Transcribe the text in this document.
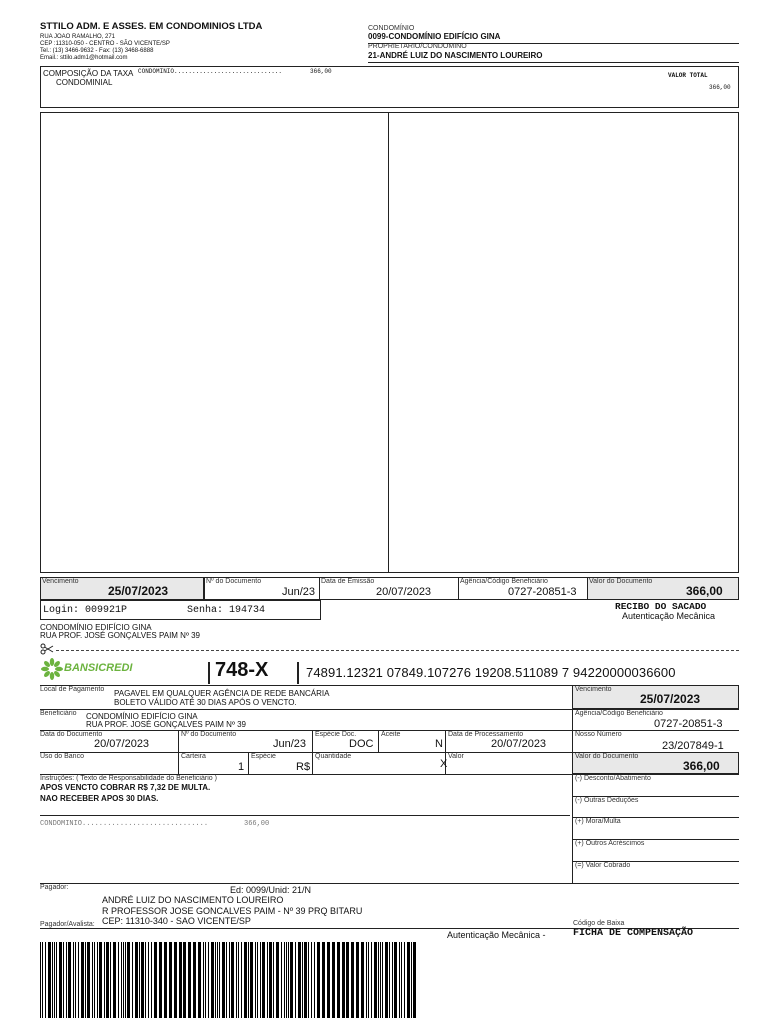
STTILO ADM. E ASSES. EM CONDOMINIOS LTDA
RUA JOAO RAMALHO, 271
CEP :11310-050 - CENTRO - SÃO VICENTE/SP
Tel.: (13) 3466-9632 - Fax: (13) 3468-6888
Email.: sttilo.adm1@hotmail.com
CONDOMÍNIO
0099-CONDOMÍNIO EDIFÍCIO GINA
PROPRIETARIO/CONDOMINO
21-ANDRÉ LUIZ DO NASCIMENTO LOUREIRO
COMPOSIÇÃO DA TAXA
CONDOMINIAL
CONDOMINIO..............................	366,00
VALOR TOTAL
366,00
Vencimento
25/07/2023
Nº do Documento
Jun/23
Data de Emissão
20/07/2023
Agência/Código Beneficiário
0727-20851-3
Valor do Documento
366,00
Login: 009921P	Senha: 194734	RECIBO DO SACADO
Autenticação Mecânica
CONDOMÍNIO EDIFÍCIO GINA
RUA PROF. JOSÉ GONÇALVES PAIM Nº 39
BANSICREDI	748-X	74891.12321 07849.107276 19208.511089 7 94220000036600
Local de Pagamento PAGAVEL EM QUALQUER AGÊNCIA DE REDE BANCÁRIA
BOLETO VÁLIDO ATÉ 30 DIAS APÓS O VENCTO.
Vencimento
25/07/2023
Beneficiário CONDOMÍNIO EDIFÍCIO GINA
RUA PROF. JOSÉ GONÇALVES PAIM Nº 39
Agência/Código Beneficiário
0727-20851-3
Data do Documento
20/07/2023
Nº do Documento
Jun/23
Espécie Doc.
DOC
Aceite
N
Data de Processamento
20/07/2023
Nosso Número
23/207849-1
Uso do Banco	Carteira
1
Espécie
R$
Quantidade
X
Valor	Valor do Documento
366,00
Instruções: ( Texto de Responsabilidade do Beneficiário )
APOS VENCTO COBRAR R$ 7,32 DE MULTA.
NAO RECEBER APOS 30 DIAS.
CONDOMINIO..............................	366,00
(-) Desconto/Abatimento
(-) Outras Deduções
(+) Mora/Multa
(+) Outros Acréscimos
(=) Valor Cobrado
Pagador:	Ed: 0099/Unid: 21/N
ANDRÉ LUIZ DO NASCIMENTO LOUREIRO
R PROFESSOR JOSE GONCALVES PAIM - Nº 39 PRQ BITARU
CEP: 11310-340 - SAO VICENTE/SP
Pagador/Avalista:	Código de Baixa
Autenticação Mecânica -	FICHA DE COMPENSAÇÃO
